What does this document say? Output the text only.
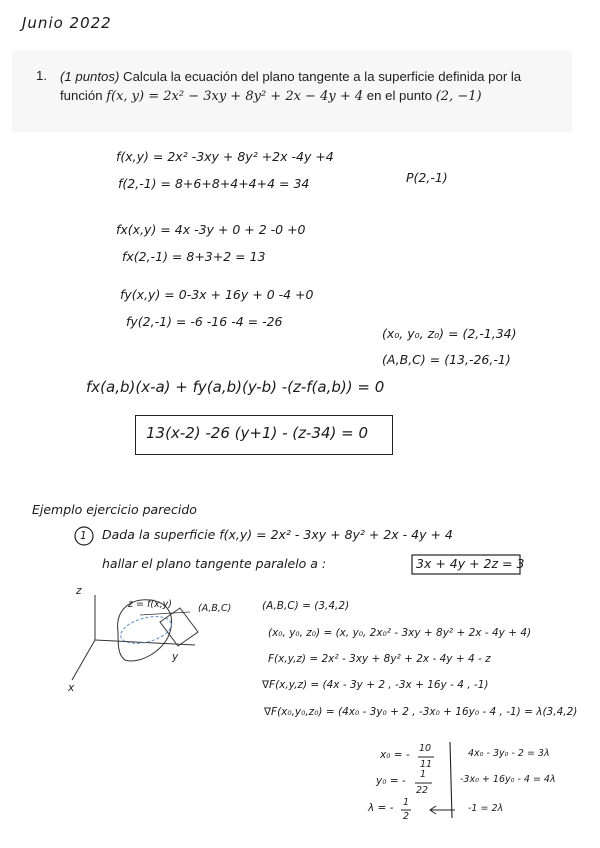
Junio 2022
1. (1 puntos) Calcula la ecuación del plano tangente a la superficie definida por la
función f(x, y) = 2x² − 3xy + 8y² + 2x − 4y + 4 en el punto (2, −1)
f(x,y) = 2x² -3xy + 8y² +2x -4y +4
f(2,-1) = 8+6+8+4+4+4 = 34	P(2,-1)
fx(x,y) = 4x -3y + 0 + 2 -0 +0
fx(2,-1) = 8+3+2 = 13
fy(x,y) = 0-3x + 16y + 0 -4 +0
fy(2,-1) = -6 -16 -4 = -26
(x₀, y₀, z₀) = (2,-1,34)
(A,B,C) = (13,-26,-1)
fx(a,b)(x-a) + fy(a,b)(y-b) -(z-f(a,b)) = 0
13(x-2) -26 (y+1) - (z-34) = 0
Ejemplo ejercicio parecido
1 Dada la superficie f(x,y) = 2x² - 3xy + 8y² + 2x - 4y + 4
hallar el plano tangente paralelo a :	3x + 4y + 2z = 3
z
y
x
z = f(x,y)	(A,B,C)	(A,B,C) = (3,4,2)
(x₀, y₀, z₀) = (x, y₀, 2x₀² - 3xy + 8y² + 2x - 4y + 4)
F(x,y,z) = 2x² - 3xy + 8y² + 2x - 4y + 4 - z
∇F(x,y,z) = (4x - 3y + 2 , -3x + 16y - 4 , -1)
∇F(x₀,y₀,z₀) = (4x₀ - 3y₀ + 2 , -3x₀ + 16y₀ - 4 , -1) = λ(3,4,2)
x₀ = -
10
11
y₀ = -
1
22
λ = - 1
2
4x₀ - 3y₀ - 2 = 3λ
-3x₀ + 16y₀ - 4 = 4λ
-1 = 2λ
